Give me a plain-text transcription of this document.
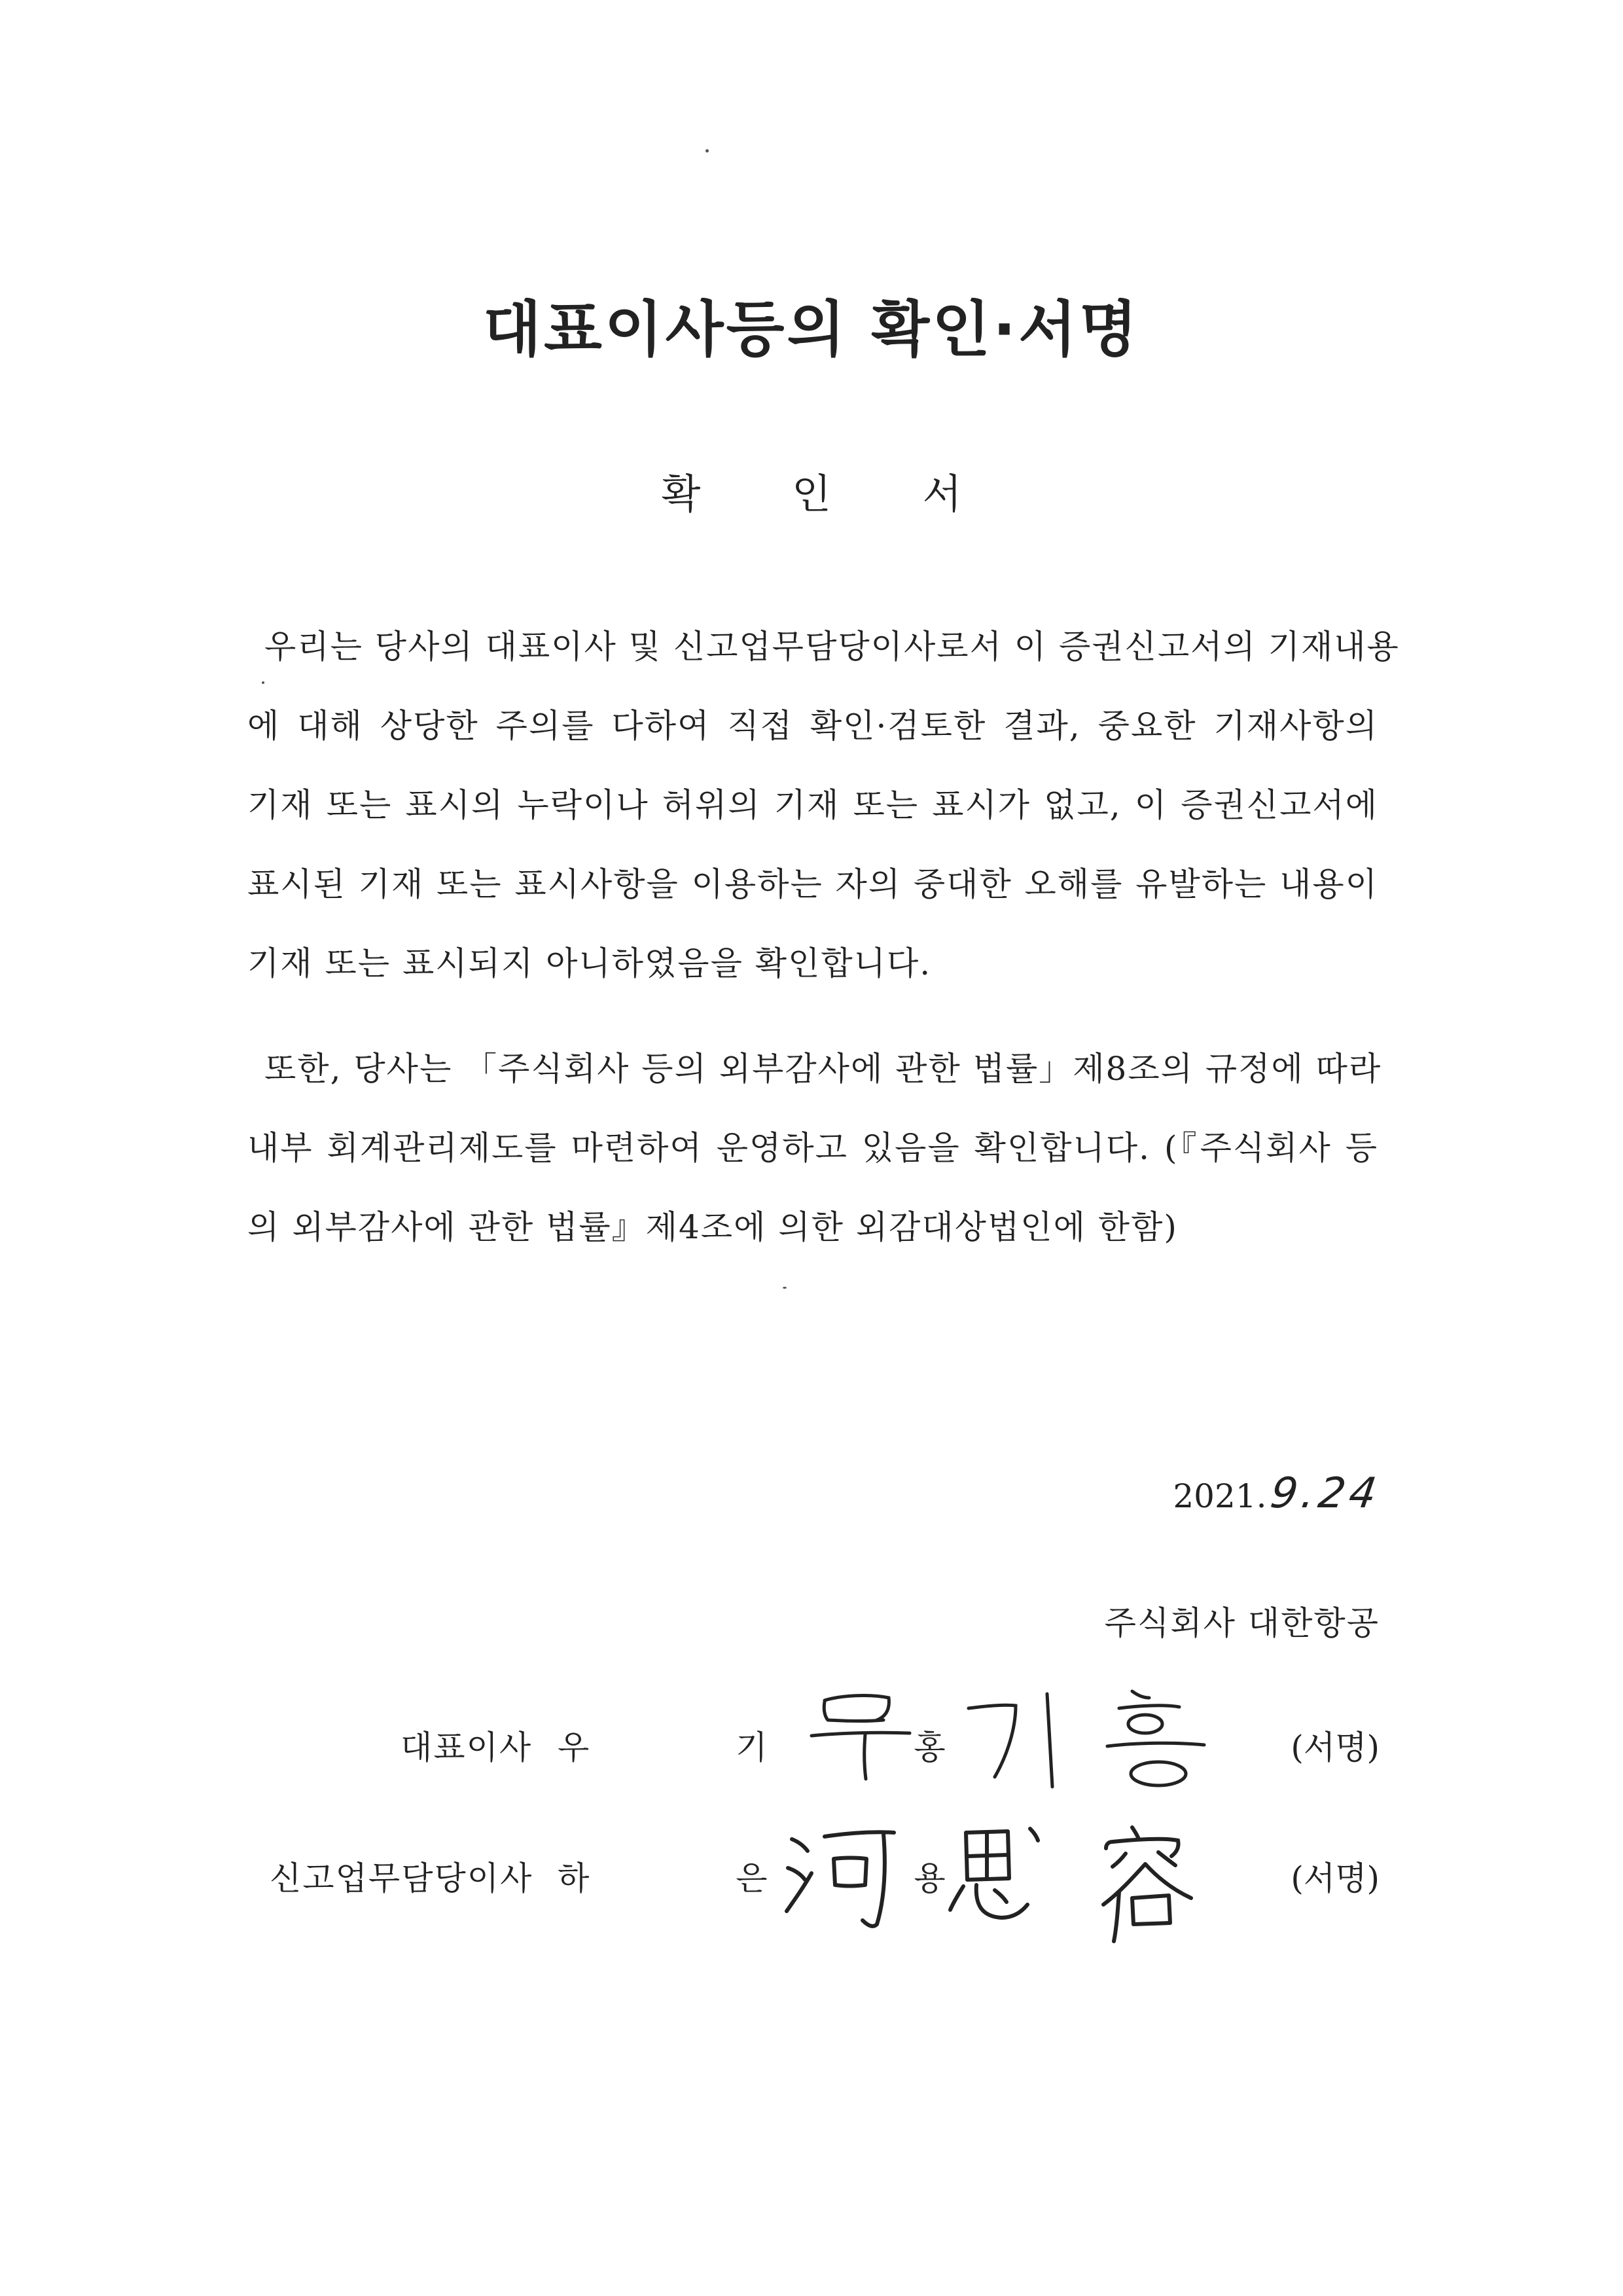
대표이사등의 확인·서명
확 인 서
우리는 당사의 대표이사 및 신고업무담당이사로서 이 증권신고서의 기재내용
에 대해 상당한 주의를 다하여 직접 확인·검토한 결과, 중요한 기재사항의
기재 또는 표시의 누락이나 허위의 기재 또는 표시가 없고, 이 증권신고서에
표시된 기재 또는 표시사항을 이용하는 자의 중대한 오해를 유발하는 내용이
기재 또는 표시되지 아니하였음을 확인합니다.
또한, 당사는 「주식회사 등의 외부감사에 관한 법률」제8조의 규정에 따라
내부 회계관리제도를 마련하여 운영하고 있음을 확인합니다. (『주식회사 등
의 외부감사에 관한 법률』제4조에 의한 외감대상법인에 한함)
2021. 9.24
주식회사 대한항공
대표이사 우 기 홍	(서명)
신고업무담당이사 하 은 용	(서명)
